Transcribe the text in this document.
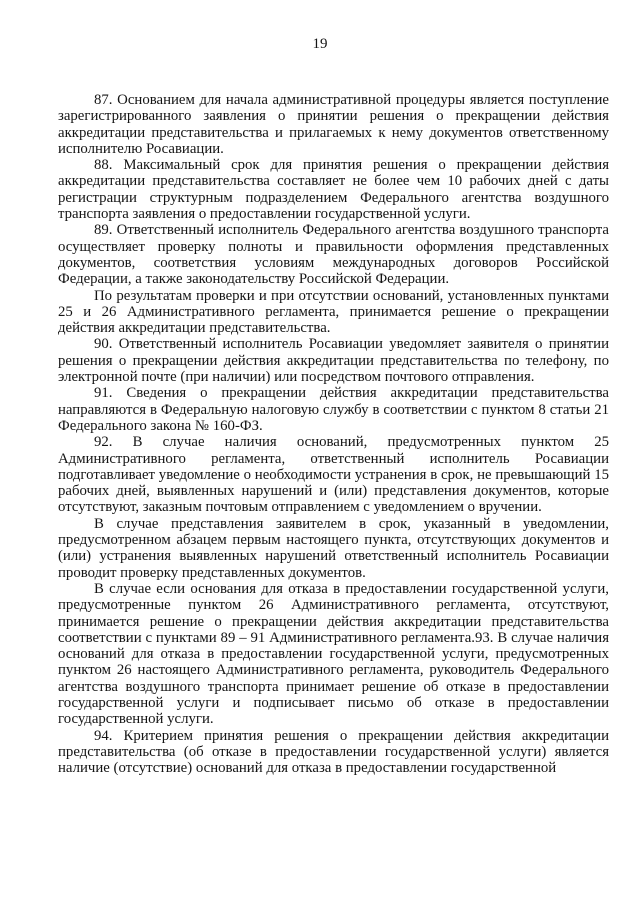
19

87. Основанием для начала административной процедуры является поступление зарегистрированного заявления о принятии решения о прекращении действия аккредитации представительства и прилагаемых к нему документов ответственному исполнителю Росавиации.

88. Максимальный срок для принятия решения о прекращении действия аккредитации представительства составляет не более чем 10 рабочих дней с даты регистрации структурным подразделением Федерального агентства воздушного транспорта заявления о предоставлении государственной услуги.

89. Ответственный исполнитель Федерального агентства воздушного транспорта осуществляет проверку полноты и правильности оформления представленных документов, соответствия условиям международных договоров Российской Федерации, а также законодательству Российской Федерации.

По результатам проверки и при отсутствии оснований, установленных пунктами 25 и 26 Административного регламента, принимается решение о прекращении действия аккредитации представительства.

90. Ответственный исполнитель Росавиации уведомляет заявителя о принятии решения о прекращении действия аккредитации представительства по телефону, по электронной почте (при наличии) или посредством почтового отправления.

91. Сведения о прекращении действия аккредитации представительства направляются в Федеральную налоговую службу в соответствии с пунктом 8 статьи 21 Федерального закона № 160-ФЗ.

92. В случае наличия оснований, предусмотренных пунктом 25 Административного регламента, ответственный исполнитель Росавиации подготавливает уведомление о необходимости устранения в срок, не превышающий 15 рабочих дней, выявленных нарушений и (или) представления документов, которые отсутствуют, заказным почтовым отправлением с уведомлением о вручении.

В случае представления заявителем в срок, указанный в уведомлении, предусмотренном абзацем первым настоящего пункта, отсутствующих документов и (или) устранения выявленных нарушений ответственный исполнитель Росавиации проводит проверку представленных документов.

В случае если основания для отказа в предоставлении государственной услуги, предусмотренные пунктом 26 Административного регламента, отсутствуют, принимается решение о прекращении действия аккредитации представительства соответствии с пунктами 89 – 91 Административного регламента.93. В случае наличия оснований для отказа в предоставлении государственной услуги, предусмотренных пунктом 26 настоящего Административного регламента, руководитель Федерального агентства воздушного транспорта принимает решение об отказе в предоставлении государственной услуги и подписывает письмо об отказе в предоставлении государственной услуги.

94. Критерием принятия решения о прекращении действия аккредитации представительства (об отказе в предоставлении государственной услуги) является наличие (отсутствие) оснований для отказа в предоставлении государственной
